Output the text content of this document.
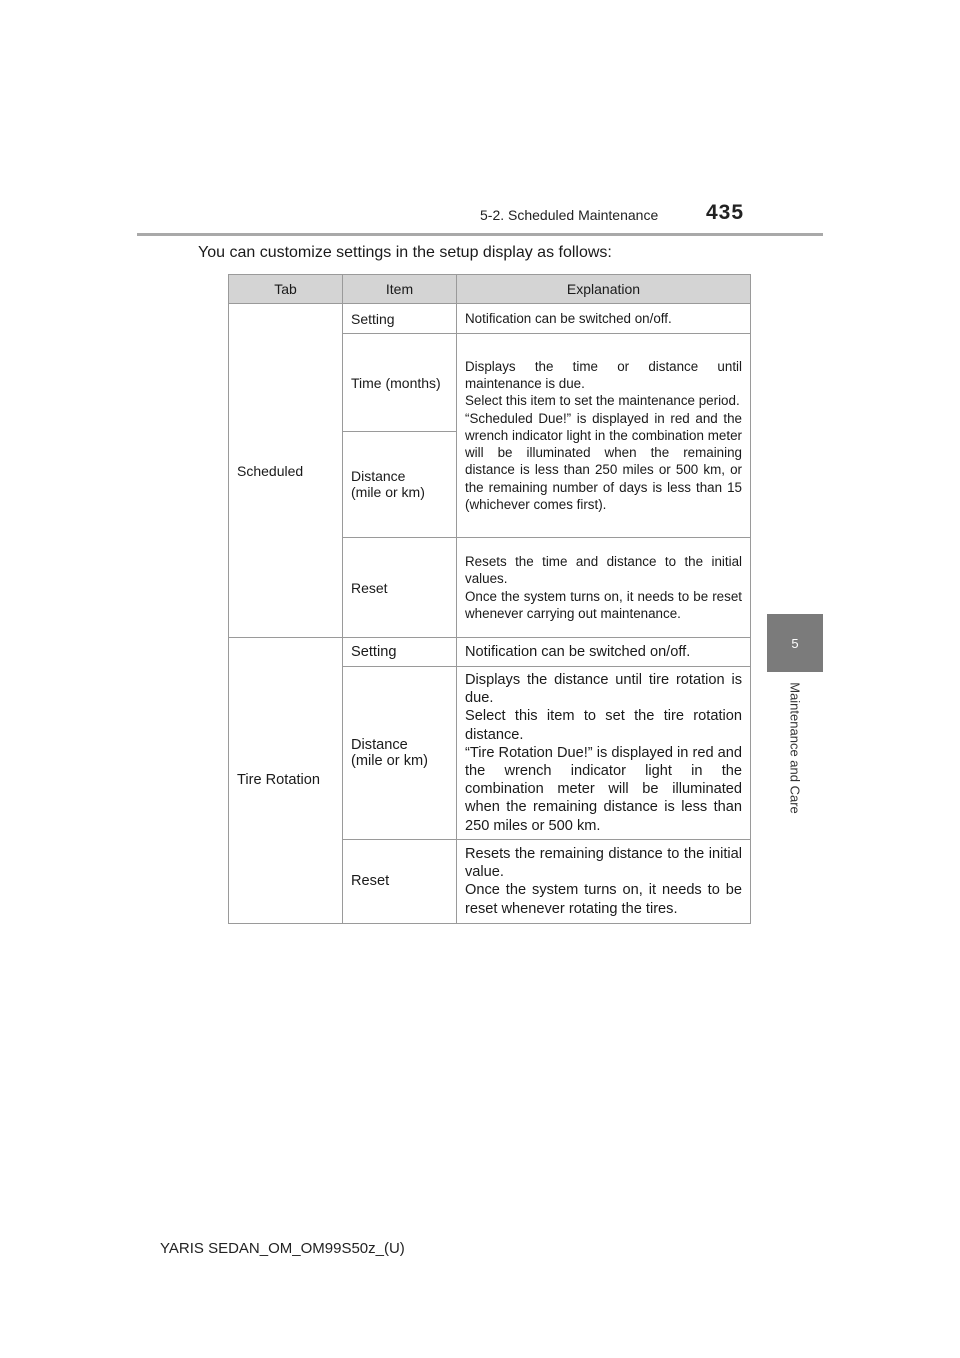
5-2. Scheduled Maintenance 435
5
Maintenance and Care
You can customize settings in the setup display as follows:
Tab	Item	Explanation
Scheduled	Setting	Notification can be switched on/off.
	Time (months)	Displays the time or distance until maintenance is due.
Select this item to set the maintenance period.
“Scheduled Due!” is displayed in red and the wrench indicator light in the combination meter will be illuminated when the remaining distance is less than 250 miles or 500 km, or the remaining number of days is less than 15 (whichever comes first).
	Distance
(mile or km)	
	Reset	Resets the time and distance to the initial values.
Once the system turns on, it needs to be reset whenever carrying out maintenance.
Tire Rotation	Setting	Notification can be switched on/off.
	Distance
(mile or km)	Displays the distance until tire rotation is due.
Select this item to set the tire rotation distance.
“Tire Rotation Due!” is displayed in red and the wrench indicator light in the combination meter will be illuminated when the remaining distance is less than 250 miles or 500 km.
	Reset	Resets the remaining distance to the initial value.
Once the system turns on, it needs to be reset whenever rotating the tires.
YARIS SEDAN_OM_OM99S50z_(U)
